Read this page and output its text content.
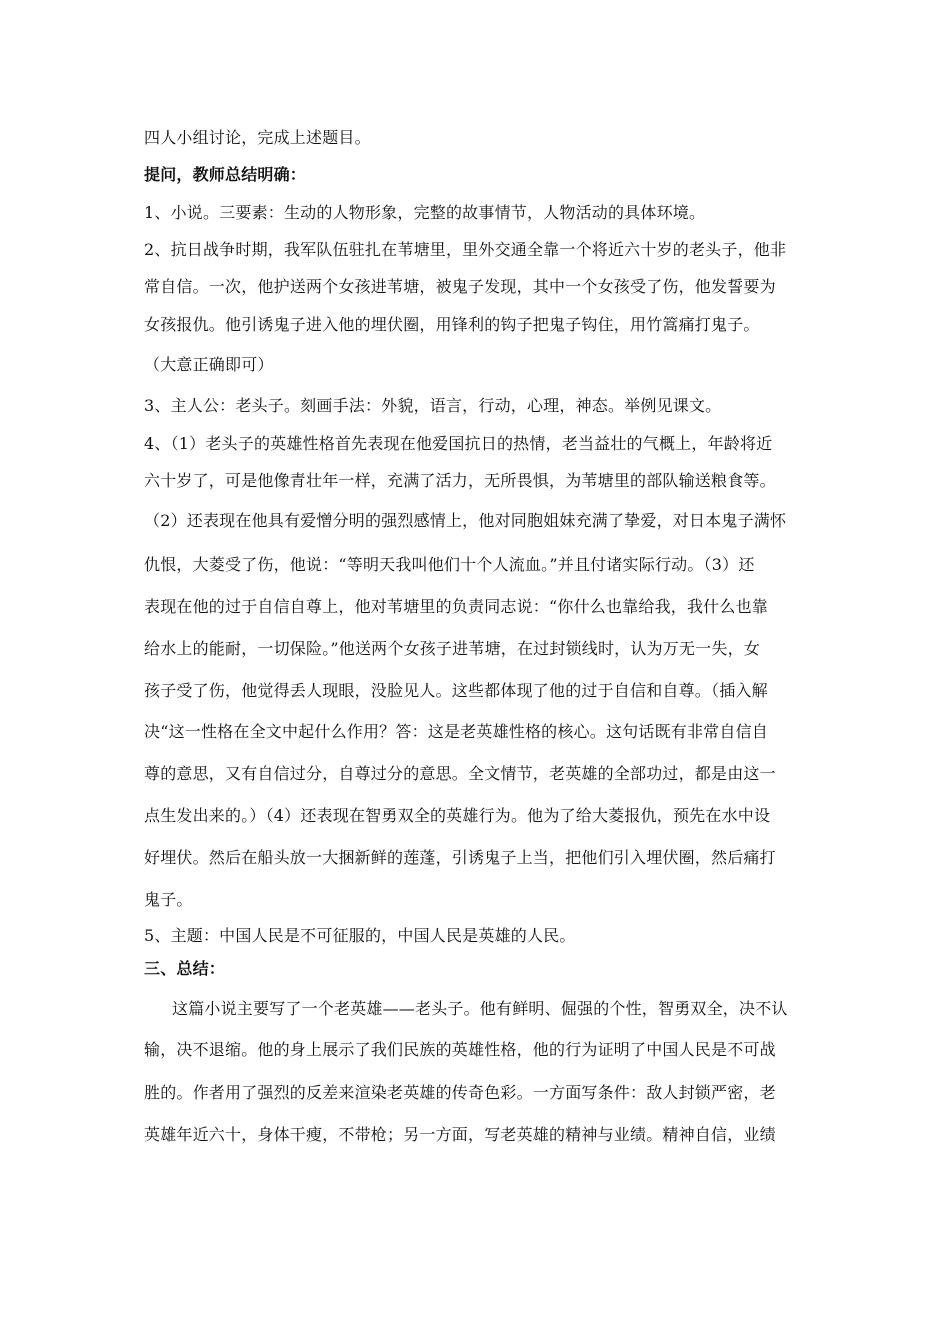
四人小组讨论，完成上述题目。
提问，教师总结明确：
1、小说。三要素：生动的人物形象，完整的故事情节，人物活动的具体环境。
2、抗日战争时期，我军队伍驻扎在苇塘里，里外交通全靠一个将近六十岁的老头子，他非
常自信。一次，他护送两个女孩进苇塘，被鬼子发现，其中一个女孩受了伤，他发誓要为
女孩报仇。他引诱鬼子进入他的埋伏圈，用锋利的钩子把鬼子钩住，用竹篙痛打鬼子。
（大意正确即可）
3、主人公：老头子。刻画手法：外貌，语言，行动，心理，神态。举例见课文。
4、（1）老头子的英雄性格首先表现在他爱国抗日的热情，老当益壮的气概上，年龄将近
六十岁了，可是他像青壮年一样，充满了活力，无所畏惧，为苇塘里的部队输送粮食等。
（2）还表现在他具有爱憎分明的强烈感情上，他对同胞姐妹充满了挚爱，对日本鬼子满怀
仇恨，大菱受了伤，他说：“等明天我叫他们十个人流血。”并且付诸实际行动。（3）还
表现在他的过于自信自尊上，他对苇塘里的负责同志说：“你什么也靠给我，我什么也靠
给水上的能耐，一切保险。”他送两个女孩子进苇塘，在过封锁线时，认为万无一失，女
孩子受了伤，他觉得丢人现眼，没脸见人。这些都体现了他的过于自信和自尊。（插入解
决“这一性格在全文中起什么作用？答：这是老英雄性格的核心。这句话既有非常自信自
尊的意思，又有自信过分，自尊过分的意思。全文情节，老英雄的全部功过，都是由这一
点生发出来的。）（4）还表现在智勇双全的英雄行为。他为了给大菱报仇，预先在水中设
好埋伏。然后在船头放一大捆新鲜的莲蓬，引诱鬼子上当，把他们引入埋伏圈，然后痛打
鬼子。
5、主题：中国人民是不可征服的，中国人民是英雄的人民。
三、总结：
这篇小说主要写了一个老英雄——老头子。他有鲜明、倔强的个性，智勇双全，决不认
输，决不退缩。他的身上展示了我们民族的英雄性格，他的行为证明了中国人民是不可战
胜的。作者用了强烈的反差来渲染老英雄的传奇色彩。一方面写条件：敌人封锁严密，老
英雄年近六十，身体干瘦，不带枪；另一方面，写老英雄的精神与业绩。精神自信，业绩
